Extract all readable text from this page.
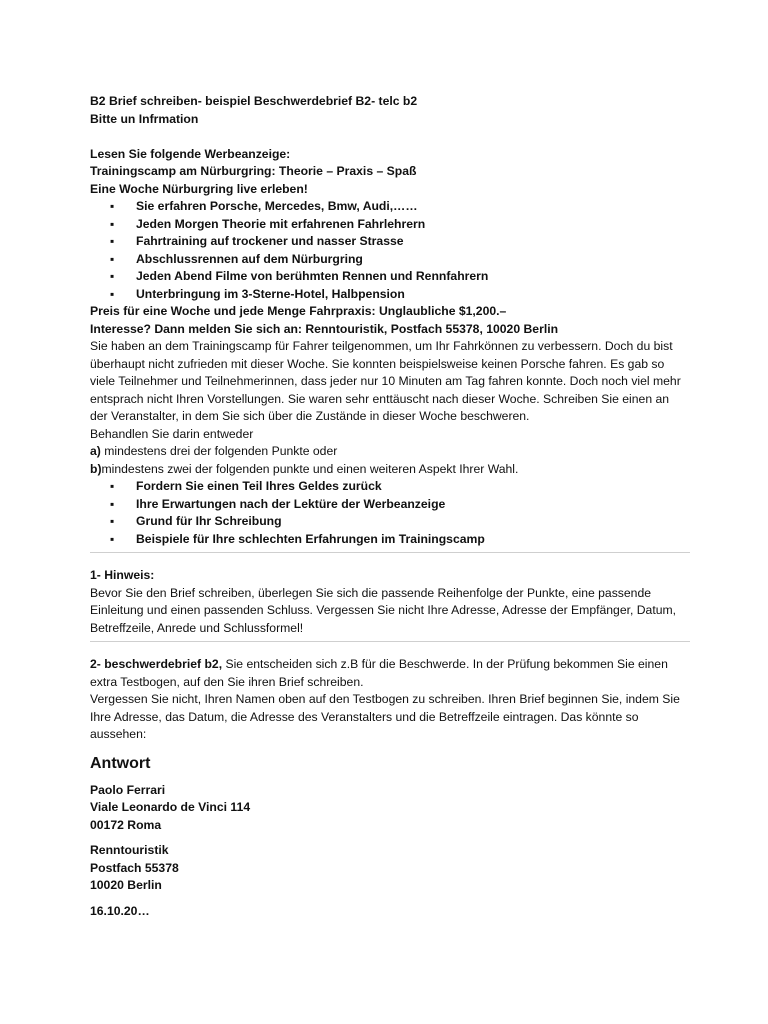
B2 Brief schreiben- beispiel Beschwerdebrief B2- telc b2
Bitte un Infrmation
Lesen Sie folgende Werbeanzeige:
Trainingscamp am Nürburgring: Theorie – Praxis – Spaß
Eine Woche Nürburgring live erleben!
▪ Sie erfahren Porsche, Mercedes, Bmw, Audi,……
▪ Jeden Morgen Theorie mit erfahrenen Fahrlehrern
▪ Fahrtraining auf trockener und nasser Strasse
▪ Abschlussrennen auf dem Nürburgring
▪ Jeden Abend Filme von berühmten Rennen und Rennfahrern
▪ Unterbringung im 3-Sterne-Hotel, Halbpension
Preis für eine Woche und jede Menge Fahrpraxis: Unglaubliche $1,200.–
Interesse? Dann melden Sie sich an: Renntouristik, Postfach 55378, 10020 Berlin
Sie haben an dem Trainingscamp für Fahrer teilgenommen, um Ihr Fahrkönnen zu verbessern. Doch du bist überhaupt nicht zufrieden mit dieser Woche. Sie konnten beispielsweise keinen Porsche fahren. Es gab so viele Teilnehmer und Teilnehmerinnen, dass jeder nur 10 Minuten am Tag fahren konnte. Doch noch viel mehr entsprach nicht Ihren Vorstellungen. Sie waren sehr enttäuscht nach dieser Woche. Schreiben Sie einen an der Veranstalter, in dem Sie sich über die Zustände in dieser Woche beschweren.
Behandlen Sie darin entweder
a) mindestens drei der folgenden Punkte oder
b)mindestens zwei der folgenden punkte und einen weiteren Aspekt Ihrer Wahl.
▪ Fordern Sie einen Teil Ihres Geldes zurück
▪ Ihre Erwartungen nach der Lektüre der Werbeanzeige
▪ Grund für Ihr Schreibung
▪ Beispiele für Ihre schlechten Erfahrungen im Trainingscamp
1- Hinweis:
Bevor Sie den Brief schreiben, überlegen Sie sich die passende Reihenfolge der Punkte, eine passende Einleitung und einen passenden Schluss. Vergessen Sie nicht Ihre Adresse, Adresse der Empfänger, Datum, Betreffzeile, Anrede und Schlussformel!
2- beschwerdebrief b2, Sie entscheiden sich z.B für die Beschwerde. In der Prüfung bekommen Sie einen extra Testbogen, auf den Sie ihren Brief schreiben.
Vergessen Sie nicht, Ihren Namen oben auf den Testbogen zu schreiben. Ihren Brief beginnen Sie, indem Sie Ihre Adresse, das Datum, die Adresse des Veranstalters und die Betreffzeile eintragen. Das könnte so aussehen:
Antwort
Paolo Ferrari
Viale Leonardo de Vinci 114
00172 Roma
Renntouristik
Postfach 55378
10020 Berlin
16.10.20…
